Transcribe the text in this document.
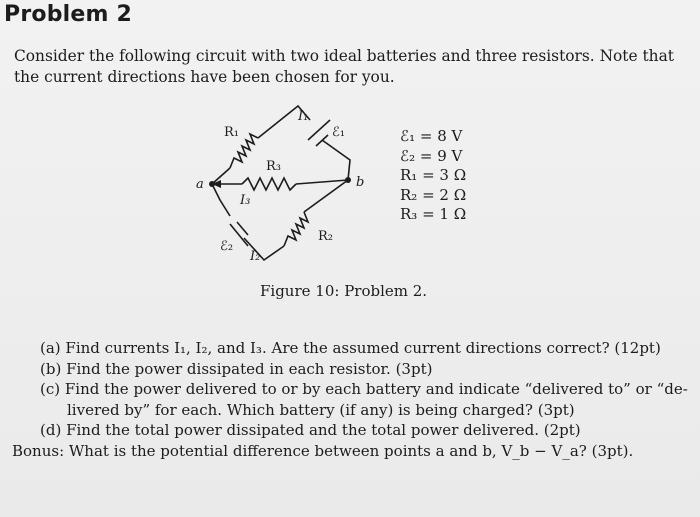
Problem 2

Consider the following circuit with two ideal batteries and three resistors. Note that the current directions have been chosen for you.

R₁
I₁
ℰ₁
R₃
a	b
I₃
R₂
ℰ₂
I₂
ℰ₁ = 8 V
ℰ₂ = 9 V
R₁ = 3 Ω
R₂ = 2 Ω
R₃ = 1 Ω
Figure 10: Problem 2.
(a) Find currents I₁, I₂, and I₃. Are the assumed current directions correct? (12pt)
(b) Find the power dissipated in each resistor. (3pt)
(c) Find the power delivered to or by each battery and indicate “delivered to” or “de-
livered by” for each. Which battery (if any) is being charged? (3pt)
(d) Find the total power dissipated and the total power delivered. (2pt)
Bonus: What is the potential difference between points a and b, V_b − V_a? (3pt).
